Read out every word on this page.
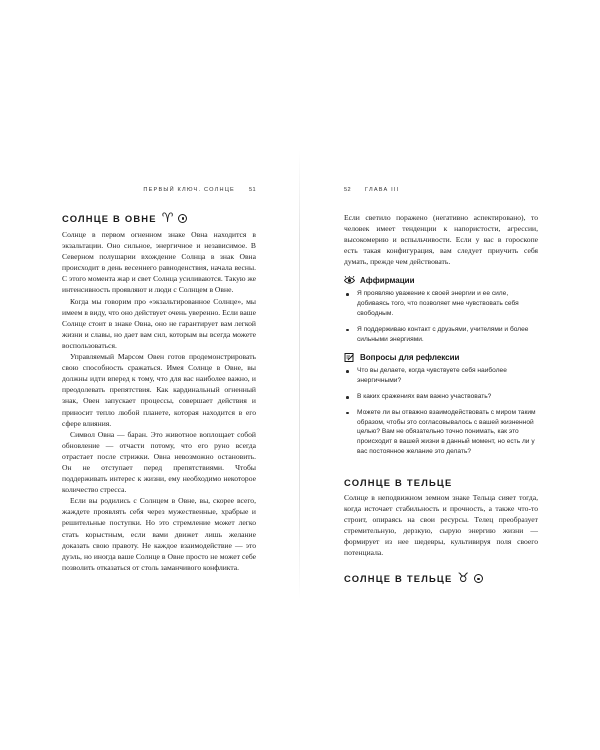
ПЕРВЫЙ КЛЮЧ. СОЛНЦЕ	51
СОЛНЦЕ В ОВНЕ ♈︎

Солнце в первом огненном знаке Овна находится в экзальтации. Оно сильное, энергичное и независимое. В Северном полушарии вхождение Солнца в знак Овна происходит в день весеннего равноденствия, начала весны. С этого момента жар и свет Солнца усиливаются. Такую же интенсивность проявляют и люди с Солнцем в Овне.

Когда мы говорим про «экзальтированное Солнце», мы имеем в виду, что оно действует очень уверенно. Если ваше Солнце стоит в знаке Овна, оно не гарантирует вам легкой жизни и славы, но дает вам сил, которым вы всегда можете воспользоваться.

Управляемый Марсом Овен готов продемонстрировать свою способность сражаться. Имея Солнце в Овне, вы должны идти вперед к тому, что для вас наиболее важно, и преодолевать препятствия. Как кардинальный огненный знак, Овен запускает процессы, совершает действия и приносит тепло любой планете, которая находится в его сфере влияния.

Символ Овна — баран. Это животное воплощает собой обновление — отчасти потому, что его руно всегда отрастает после стрижки. Овна невозможно остановить. Он не отступает перед препятствиями. Чтобы поддерживать интерес к жизни, ему необходимо некоторое количество стресса.

Если вы родились с Солнцем в Овне, вы, скорее всего, жаждете проявлять себя через мужественные, храбрые и решительные поступки. Но это стремление может легко стать корыстным, если вами движет лишь желание доказать свою правоту. Не каждое взаимодействие — это дуэль, но иногда ваше Солнце в Овне просто не может себе позволить отказаться от столь заманчивого конфликта.

52	ГЛАВА III

Если светило поражено (негативно аспектировано), то человек имеет тенденции к напористости, агрессии, высокомерию и вспыльчивости. Если у вас в гороскопе есть такая конфигурация, вам следует приучить себя думать, прежде чем действовать.

Аффирмации
Я проявляю уважение к своей энергии и ее силе, добиваясь того, что позволяет мне чувствовать себя свободным.
Я поддерживаю контакт с друзьями, учителями и более сильными энергиями.
Вопросы для рефлексии
Что вы делаете, когда чувствуете себя наиболее энергичными?
В каких сражениях вам важно участвовать?
Можете ли вы отважно взаимодействовать с миром таким образом, чтобы это согласовывалось с вашей жизненной целью? Вам не обязательно точно понимать, как это происходит в вашей жизни в данный момент, но есть ли у вас постоянное желание это делать?
СОЛНЦЕ В ТЕЛЬЦЕ

Солнце в неподвижном земном знаке Тельца сияет тогда, когда источает стабильность и прочность, а также что-то строит, опираясь на свои ресурсы. Телец преобразует стремительную, дерзкую, сырую энергию жизни — формирует из нее шедевры, культивируя поля своего потенциала.

СОЛНЦЕ В ТЕЛЬЦЕ ♉︎
